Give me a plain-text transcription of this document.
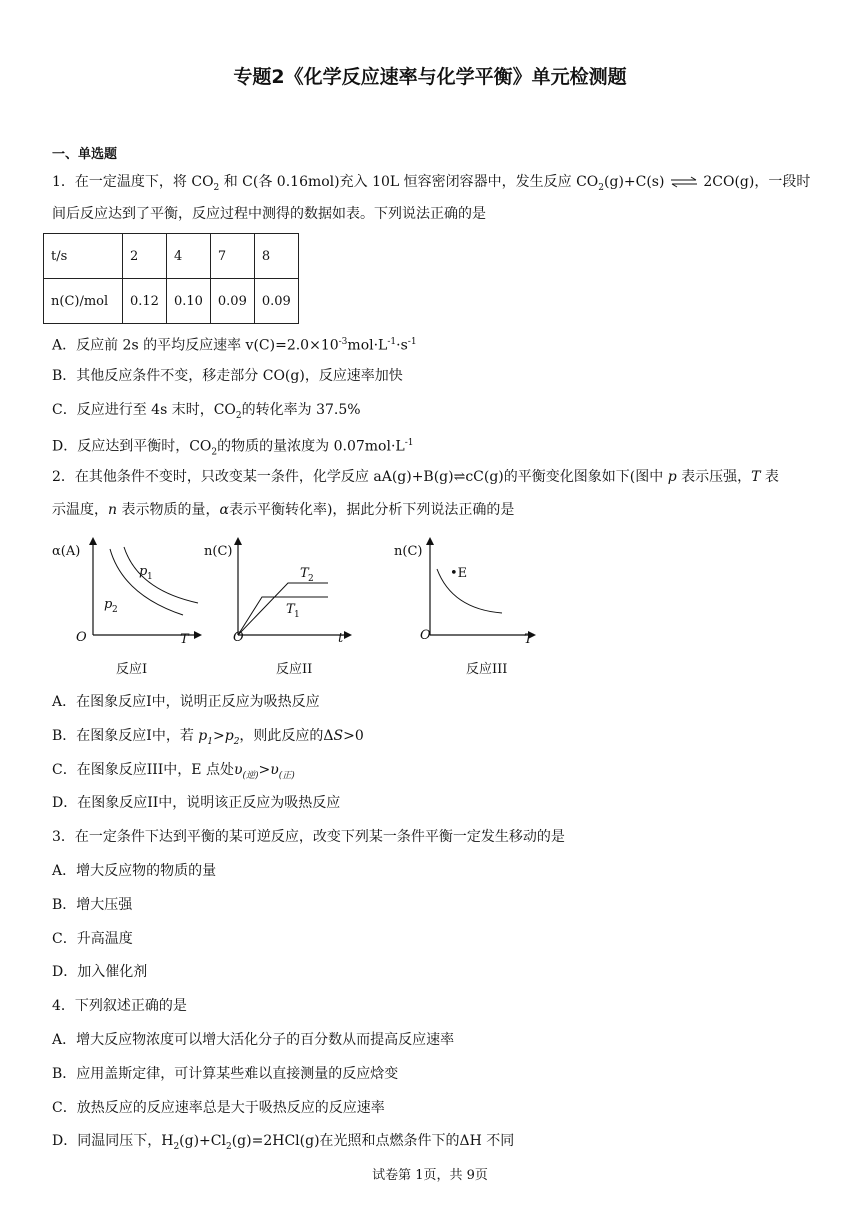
专题2《化学反应速率与化学平衡》单元检测题
一、单选题
1．在一定温度下，将 $CO_2$ 和 C(各 0.16mol)充入 10L 恒容密闭容器中，发生反应 $CO_2(g)+C(s)$ ⇌ 2CO(g)，一段时
间后反应达到了平衡，反应过程中测得的数据如表。下列说法正确的是
t/s	2	4	7	8
n(C)/mol	0.12	0.10	0.09	0.09
A．反应前 2s 的平均反应速率 $v(C)=2.0\times 10^{-3}mol\cdot L^{-1}\cdot s^{-1}$
B．其他反应条件不变，移走部分 CO(g)，反应速率加快
C．反应进行至 4s 末时，$CO_2$的转化率为 37.5%
D．反应达到平衡时，$CO_2$的物质的量浓度为 $0.07mol\cdot L^{-1}$
2．在其他条件不变时，只改变某一条件，化学反应 aA(g)+B(g)⇌cC(g)的平衡变化图象如下(图中 p 表示压强，T 表
示温度，n 表示物质的量，α表示平衡转化率)，据此分析下列说法正确的是
α(A)
O	T
p 1
p 2
反应I
n(C)
O	t
T 2
T 1
反应II
n(C)
O	T
•E
反应III
A．在图象反应I中，说明正反应为吸热反应
B．在图象反应I中，若 $p_1>p_2$，则此反应的ΔS>0
C．在图象反应III中，E 点处$\upsilon_{(逆)}>\upsilon_{(正)}$
D．在图象反应II中，说明该正反应为吸热反应
3．在一定条件下达到平衡的某可逆反应，改变下列某一条件平衡一定发生移动的是
A．增大反应物的物质的量
B．增大压强
C．升高温度
D．加入催化剂
4．下列叙述正确的是
A．增大反应物浓度可以增大活化分子的百分数从而提高反应速率
B．应用盖斯定律，可计算某些难以直接测量的反应焓变
C．放热反应的反应速率总是大于吸热反应的反应速率
D．同温同压下，$H_2(g)+Cl_2(g)=2HCl(g)$在光照和点燃条件下的ΔH 不同
试卷第 1页，共 9页
